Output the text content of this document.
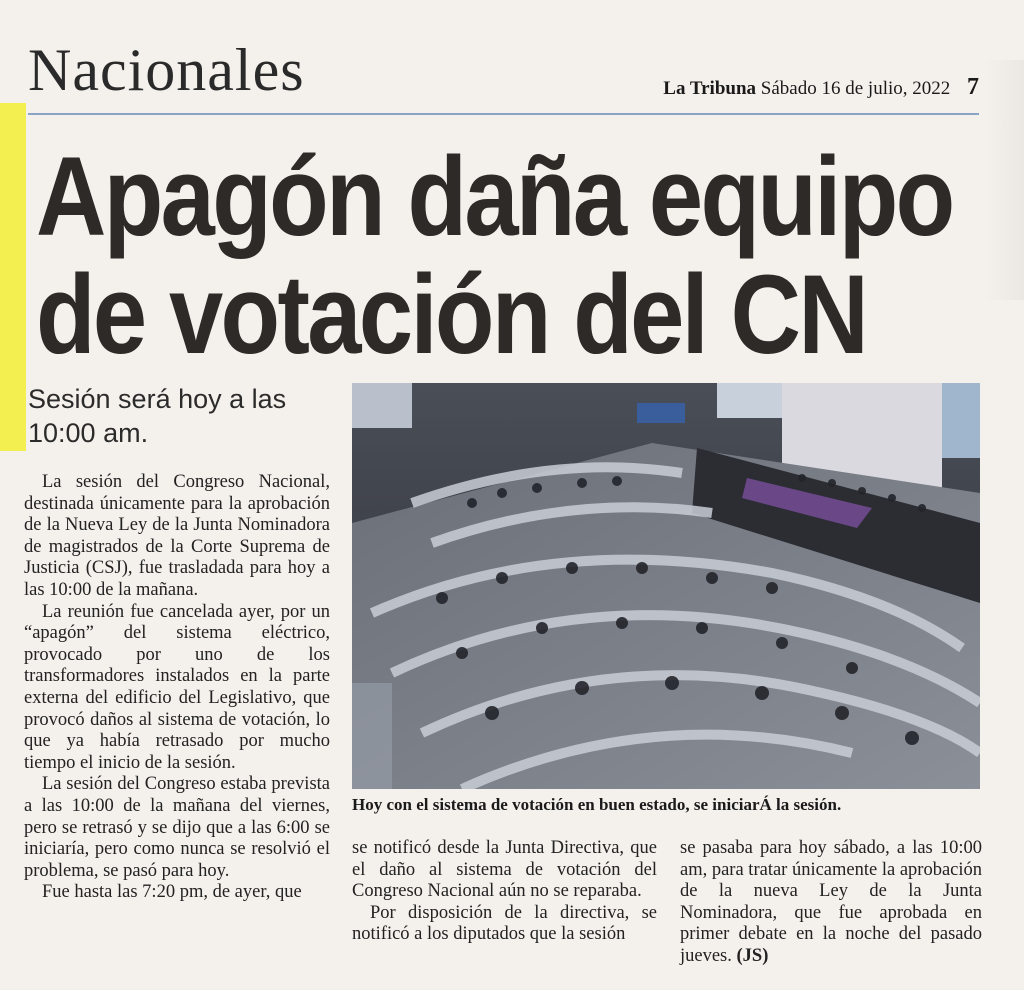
Nacionales	La Tribuna Sábado 16 de julio, 2022 7
Apagón daña equipo
de votación del CN
Sesión será hoy a las 10:00 am.
Hoy con el sistema de votación en buen estado, se iniciarÁ la sesión.

La sesión del Congreso Nacional, destinada únicamente para la aprobación de la Nueva Ley de la Junta Nominadora de magistrados de la Corte Suprema de Justicia (CSJ), fue trasladada para hoy a las 10:00 de la mañana.

La reunión fue cancelada ayer, por un “apagón” del sistema eléctrico, provocado por uno de los transformadores instalados en la parte externa del edificio del Legislativo, que provocó daños al sistema de votación, lo que ya había retrasado por mucho tiempo el inicio de la sesión.

La sesión del Congreso estaba prevista a las 10:00 de la mañana del viernes, pero se retrasó y se dijo que a las 6:00 se iniciaría, pero como nunca se resolvió el problema, se pasó para hoy.

Fue hasta las 7:20 pm, de ayer, que

se notificó desde la Junta Directiva, que el daño al sistema de votación del Congreso Nacional aún no se reparaba.

Por disposición de la directiva, se notificó a los diputados que la sesión

se pasaba para hoy sábado, a las 10:00 am, para tratar únicamente la aprobación de la nueva Ley de la Junta Nominadora, que fue aprobada en primer debate en la noche del pasado jueves. (JS)
